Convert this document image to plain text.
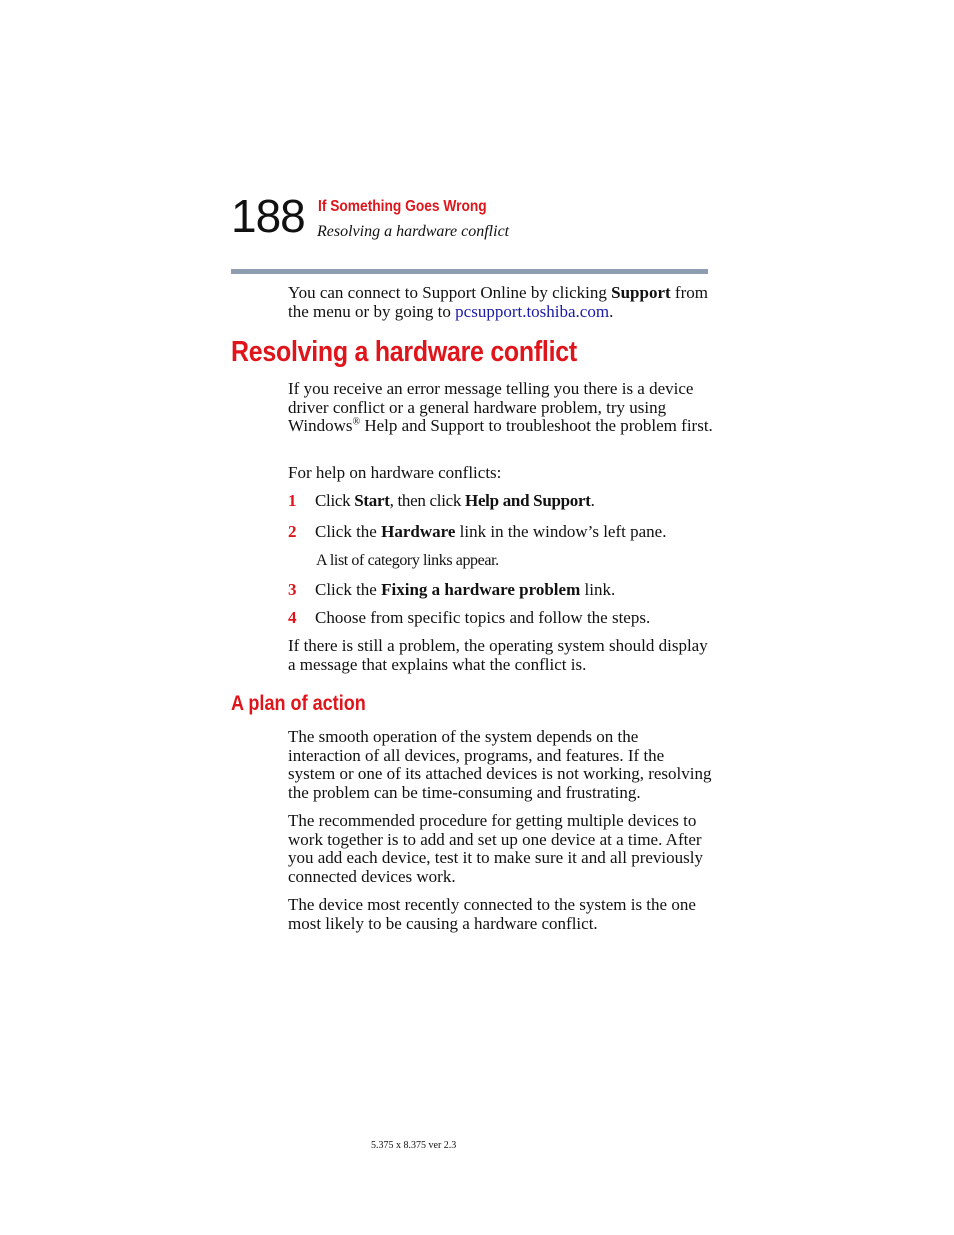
188 If Something Goes Wrong
Resolving a hardware conflict

You can connect to Support Online by clicking Support from the menu or by going to pcsupport.toshiba.com.

Resolving a hardware conflict

If you receive an error message telling you there is a device driver conflict or a general hardware problem, try using Windows® Help and Support to troubleshoot the problem first.

For help on hardware conflicts:

1 Click Start, then click Help and Support.
2 Click the Hardware link in the window’s left pane.
A list of category links appear.
3 Click the Fixing a hardware problem link.
4 Choose from specific topics and follow the steps.

If there is still a problem, the operating system should display a message that explains what the conflict is.

A plan of action

The smooth operation of the system depends on the interaction of all devices, programs, and features. If the system or one of its attached devices is not working, resolving the problem can be time-consuming and frustrating.

The recommended procedure for getting multiple devices to work together is to add and set up one device at a time. After you add each device, test it to make sure it and all previously connected devices work.

The device most recently connected to the system is the one most likely to be causing a hardware conflict.

5.375 x 8.375 ver 2.3
